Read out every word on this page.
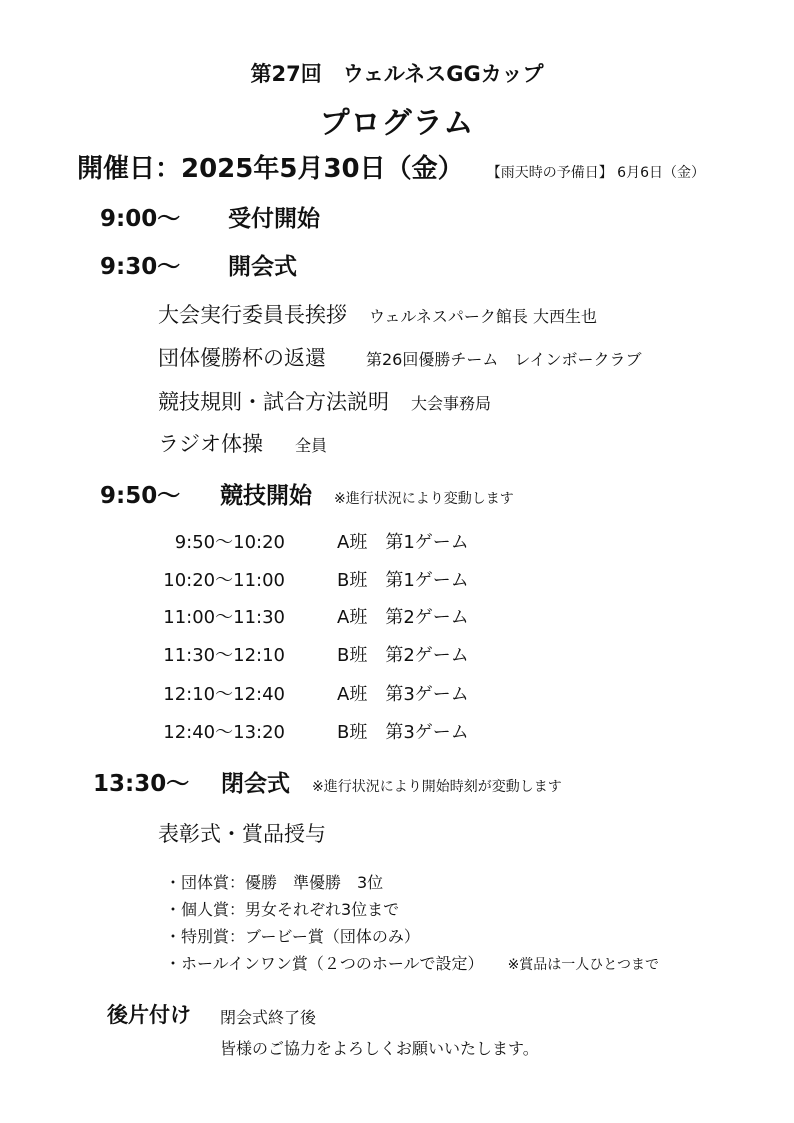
第27回　ウェルネスGGカップ
プログラム
開催日：2025年5月30日（金） 【雨天時の予備日】 6月6日（金）
9:00～ 受付開始
9:30～ 開会式
大会実行委員長挨拶 ウェルネスパーク館長 大西生也
団体優勝杯の返還	第26回優勝チーム　レインボークラブ
競技規則・試合方法説明 大会事務局
ラジオ体操 全員
9:50～ 競技開始 ※進行状況により変動します
9:50～10:20	A班　第1ゲーム
10:20～11:00	B班　第1ゲーム
11:00～11:30	A班　第2ゲーム
11:30～12:10	B班　第2ゲーム
12:10～12:40	A班　第3ゲーム
12:40～13:20	B班　第3ゲーム
13:30～ 閉会式 ※進行状況により開始時刻が変動します
表彰式・賞品授与
・団体賞：優勝　準優勝　3位
・個人賞：男女それぞれ3位まで
・特別賞：ブービー賞（団体のみ）
・ホールインワン賞（２つのホールで設定） ※賞品は一人ひとつまで
後片付け 閉会式終了後
皆様のご協力をよろしくお願いいたします。
